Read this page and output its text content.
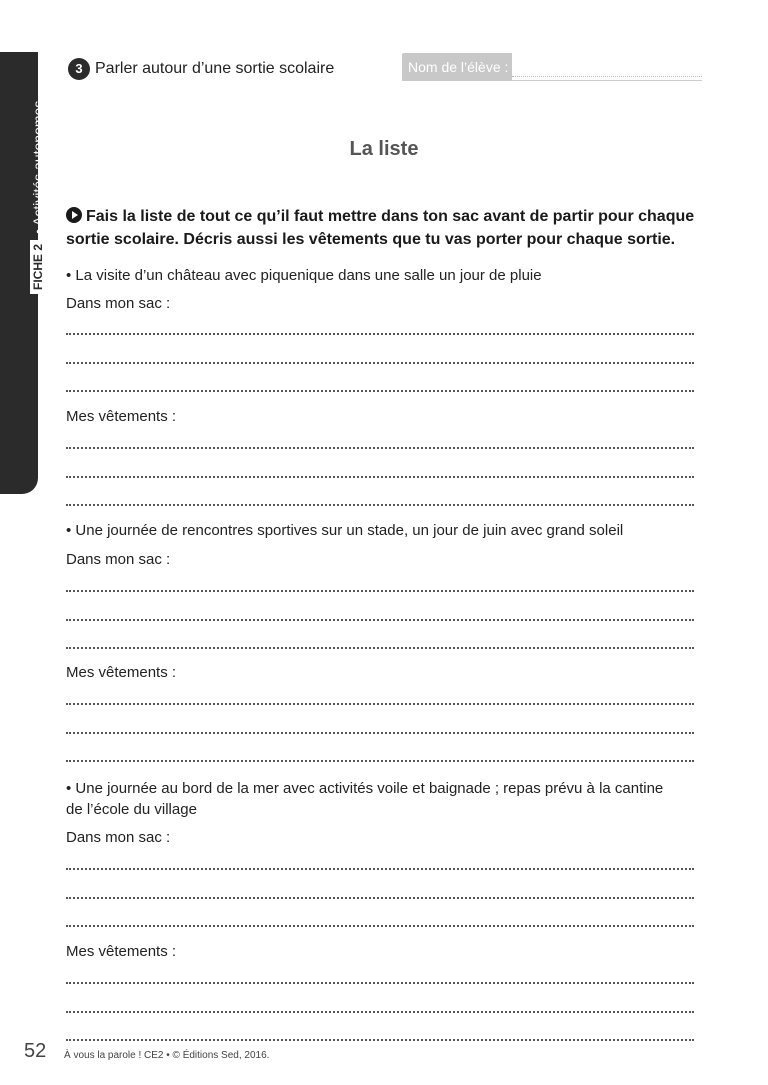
FICHE 2
• Activités autonomes
3 Parler autour d’une sortie scolaire	Nom de l’élève :
La liste
Fais la liste de tout ce qu’il faut mettre dans ton sac avant de partir pour chaque sortie scolaire. Décris aussi les vêtements que tu vas porter pour chaque sortie.
• La visite d’un château avec piquenique dans une salle un jour de pluie
Dans mon sac :
Mes vêtements :
• Une journée de rencontres sportives sur un stade, un jour de juin avec grand soleil
Dans mon sac :
Mes vêtements :
• Une journée au bord de la mer avec activités voile et baignade ; repas prévu à la cantine
de l’école du village
Dans mon sac :
Mes vêtements :
52 À vous la parole ! CE2 • © Éditions Sed, 2016.
